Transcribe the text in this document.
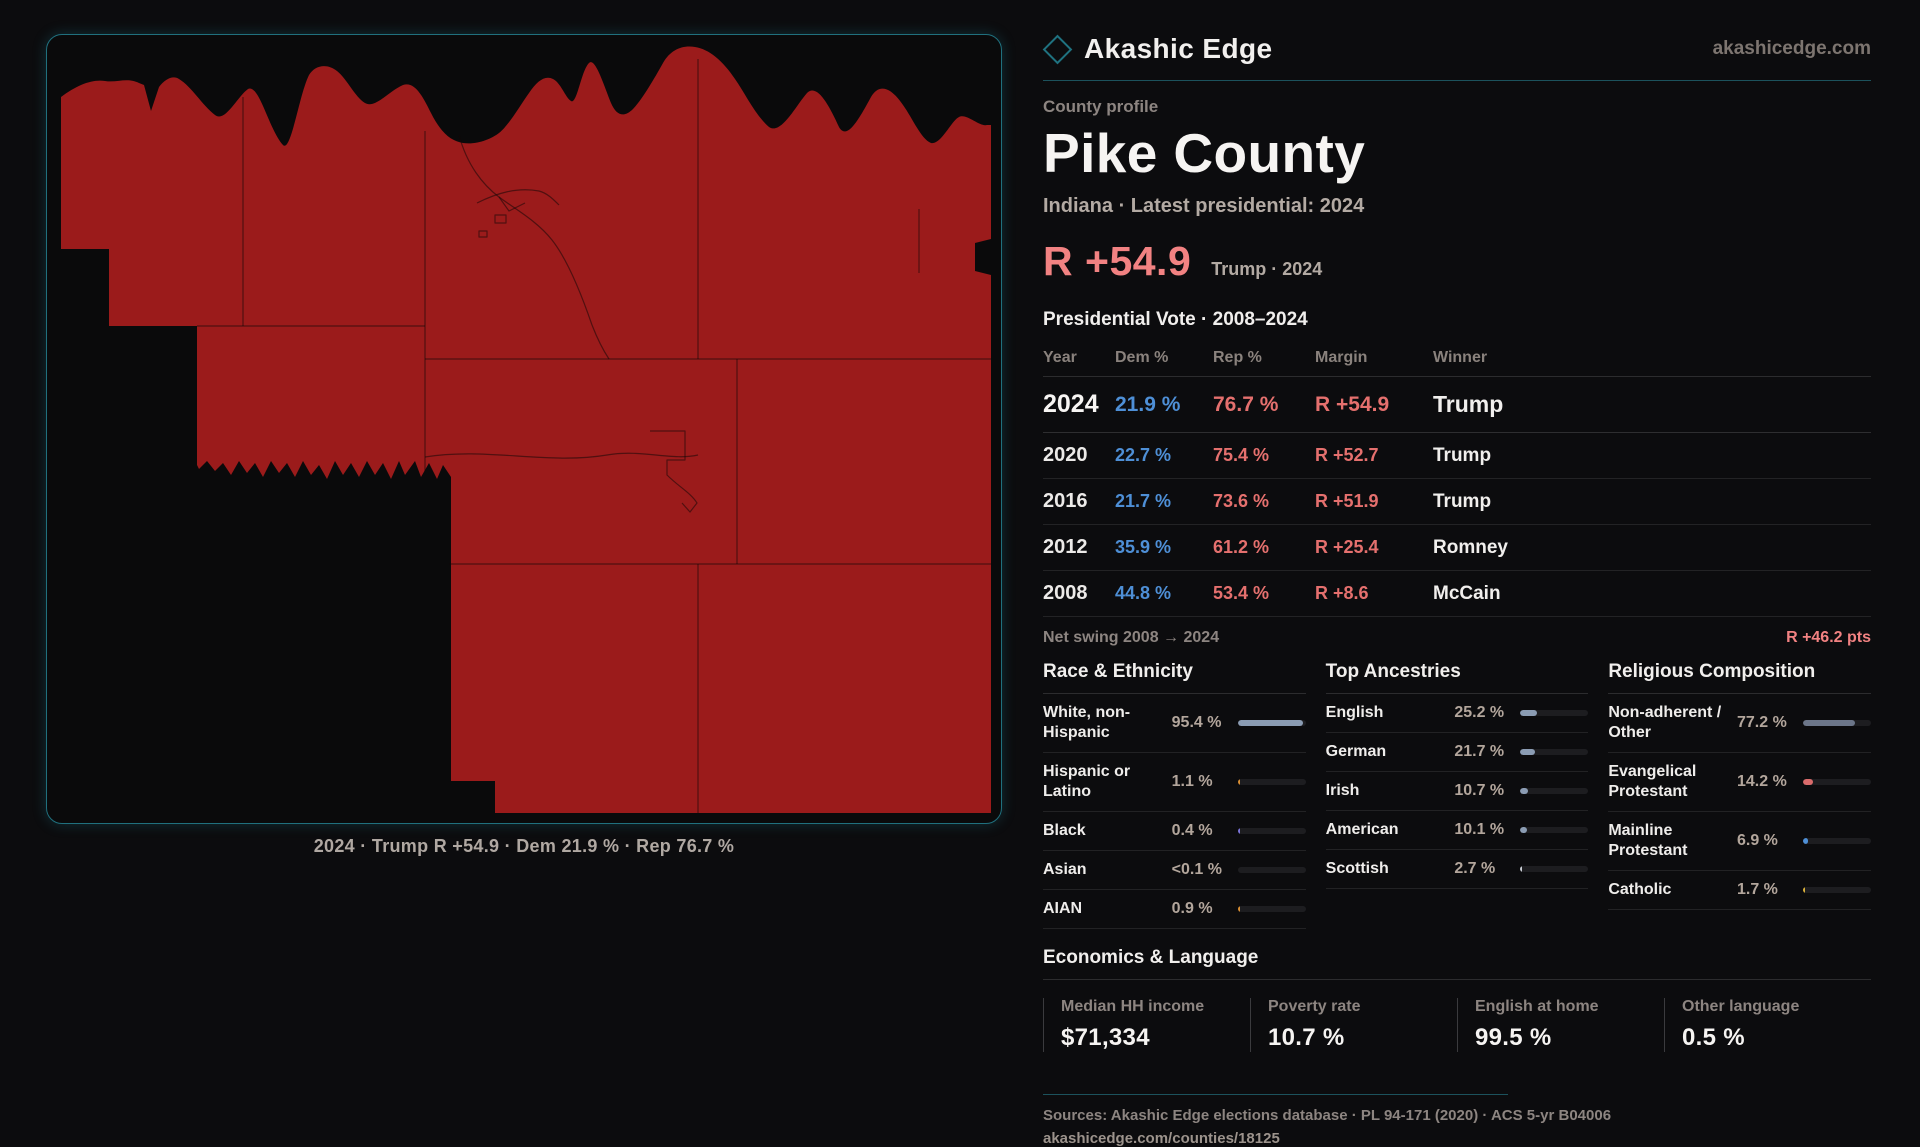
2024 · Trump R +54.9 · Dem 21.9 % · Rep 76.7 %
Akashic Edge	akashicedge.com
County profile
Pike County
Indiana · Latest presidential: 2024
R +54.9 Trump · 2024
Presidential Vote · 2008–2024
Year	Dem %	Rep %	Margin	Winner
2024 21.9 %	76.7 %	R +54.9	Trump
2020	22.7 %	75.4 %	R +52.7	Trump
2016	21.7 %	73.6 %	R +51.9	Trump
2012	35.9 %	61.2 %	R +25.4	Romney
2008	44.8 %	53.4 %	R +8.6	McCain
Net swing 2008 → 2024	R +46.2 pts
Race & Ethnicity
White, non-Hispanic
95.4 %
Hispanic or Latino
1.1 %
Black	0.4 %
Asian	<0.1 %
AIAN	0.9 %
Top Ancestries
English	25.2 %
German	21.7 %
Irish	10.7 %
American	10.1 %
Scottish	2.7 %
Religious Composition
Non-adherent / Other
77.2 %
Evangelical Protestant
14.2 %
Mainline Protestant
6.9 %
Catholic	1.7 %
Economics & Language
Median HH income
$71,334
Poverty rate
10.7 %
English at home
99.5 %
Other language
0.5 %
Sources: Akashic Edge elections database · PL 94-171 (2020) · ACS 5-yr B04006
akashicedge.com/counties/18125
